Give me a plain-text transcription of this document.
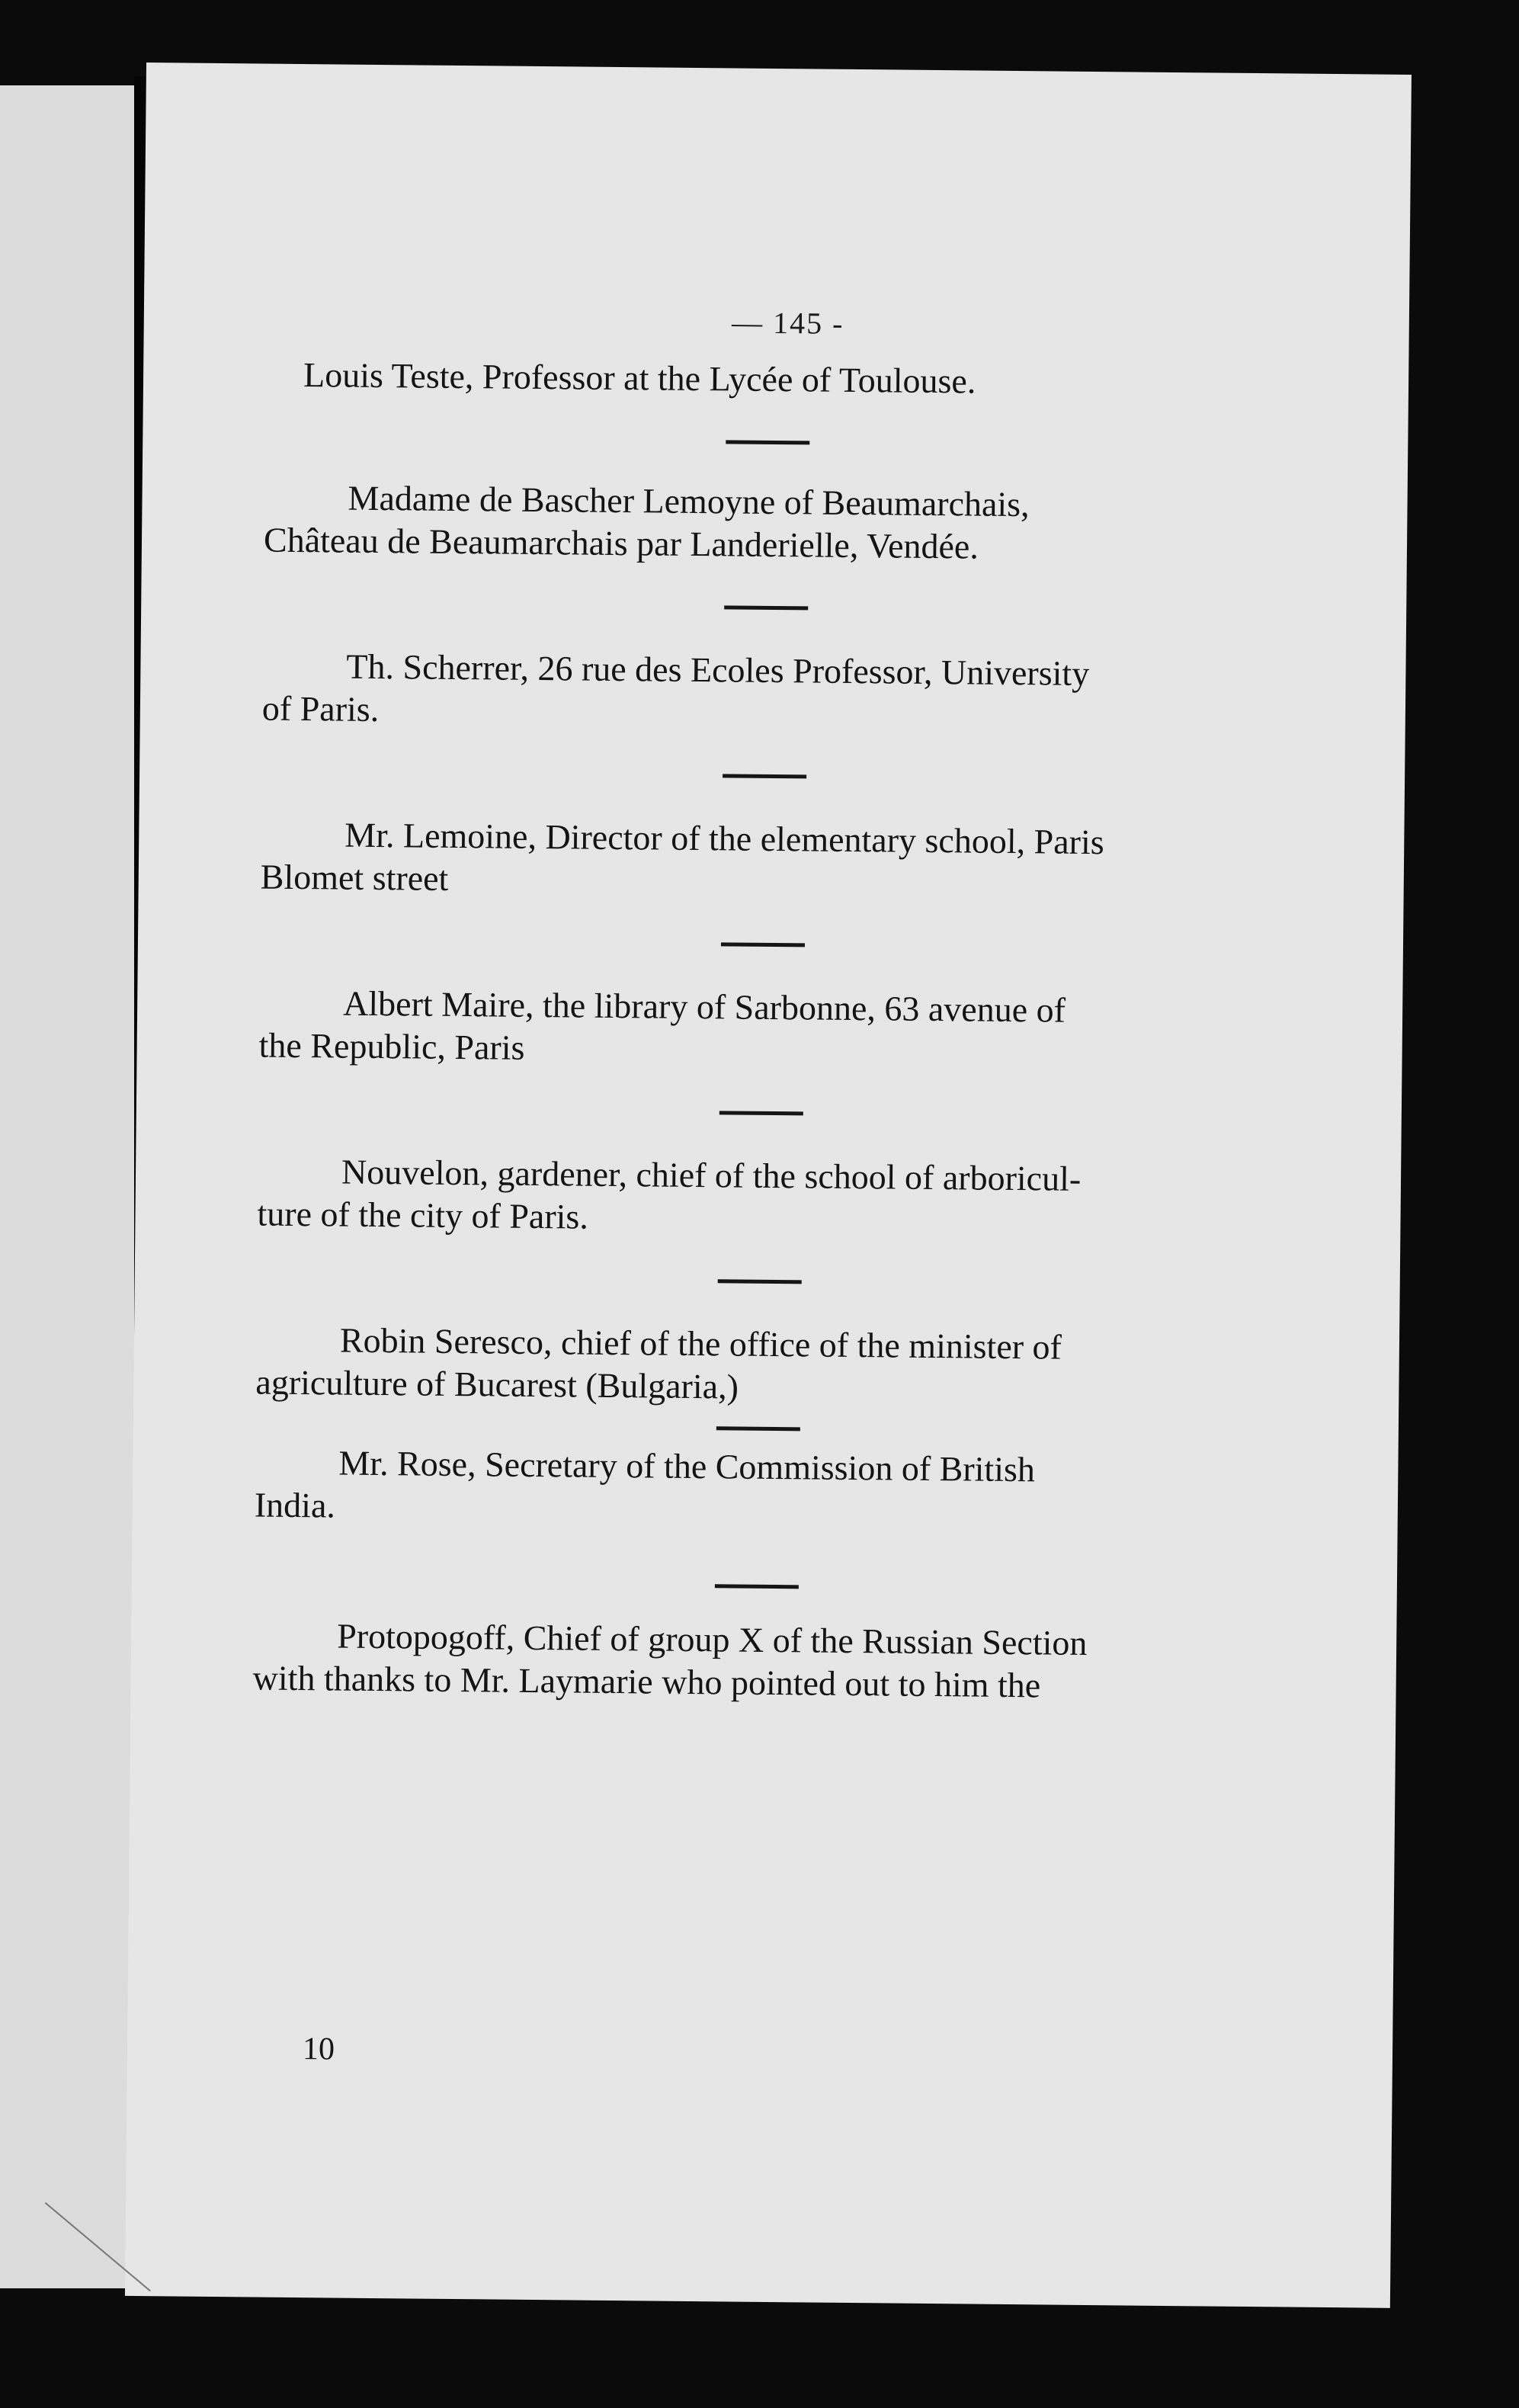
— 145 -
Louis Teste, Professor at the Lycée of Toulouse.
Madame de Bascher Lemoyne of Beaumarchais,
Château de Beaumarchais par Landerielle, Vendée.
Th. Scherrer, 26 rue des Ecoles Professor, University
of Paris.
Mr. Lemoine, Director of the elementary school, Paris
Blomet street
Albert Maire, the library of Sarbonne, 63 avenue of
the Republic, Paris
Nouvelon, gardener, chief of the school of arboricul-
ture of the city of Paris.
Robin Seresco, chief of the office of the minister of
agriculture of Bucarest (Bulgaria,)
Mr. Rose, Secretary of the Commission of British
India.
Protopogoff, Chief of group X of the Russian Section
with thanks to Mr. Laymarie who pointed out to him the
10
